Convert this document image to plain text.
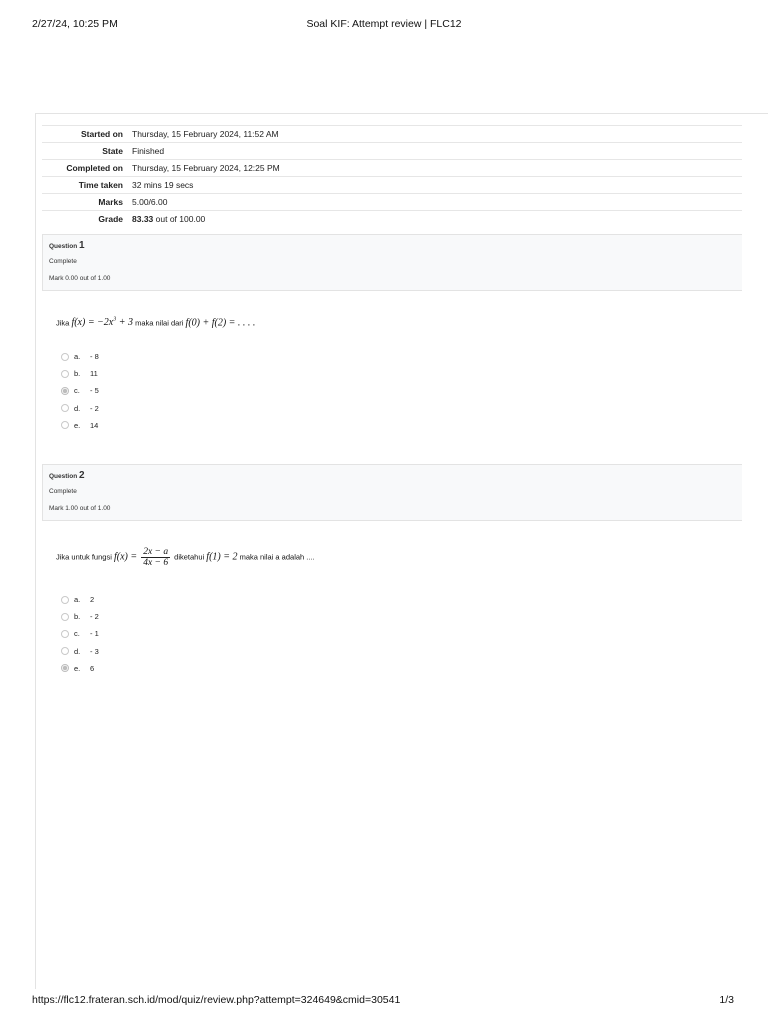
2/27/24, 10:25 PM	Soal KIF: Attempt review | FLC12
Started on	Thursday, 15 February 2024, 11:52 AM
State	Finished
Completed on	Thursday, 15 February 2024, 12:25 PM
Time taken	32 mins 19 secs
Marks	5.00/6.00
Grade	83.33 out of 100.00
Question 1
Complete
Mark 0.00 out of 1.00
Jika $f(x) = -2x^3 + 3$ maka nilai dari f(0) + f(2) = . . . .
a.	- 8
b.	11
c.	- 5
d.	- 2
e.	14
Question 2
Complete
Mark 1.00 out of 1.00
Jika untuk fungsi $f(x) = \frac{2x - a}{4x - 6}$ diketahui f(1) = 2 maka nilai a adalah ....
a.	2
b.	- 2
c.	- 1
d.	- 3
e.	6
https://flc12.frateran.sch.id/mod/quiz/review.php?attempt=324649&cmid=30541	1/3
